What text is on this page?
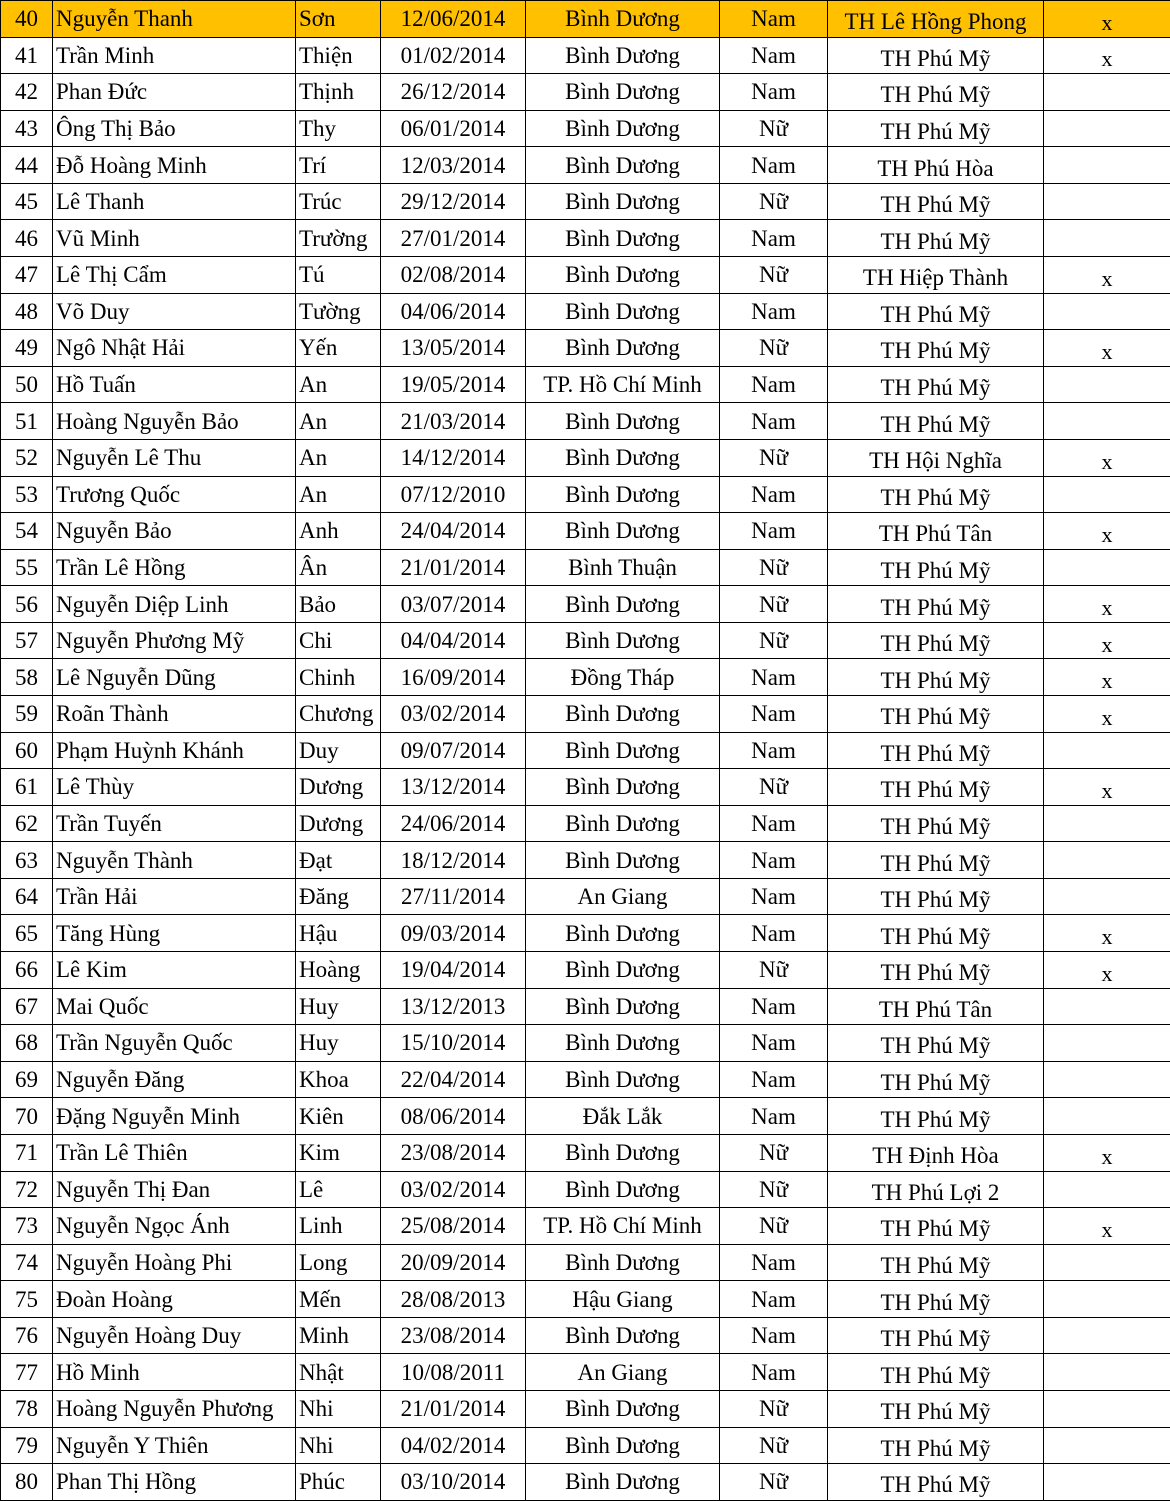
40	Nguyễn Thanh	Sơn	12/06/2014	Bình Dương	Nam	TH Lê Hồng Phong	x
41	Trần Minh	Thiện	01/02/2014	Bình Dương	Nam	TH Phú Mỹ	x
42	Phan Đức	Thịnh	26/12/2014	Bình Dương	Nam	TH Phú Mỹ	
43	Ông Thị Bảo	Thy	06/01/2014	Bình Dương	Nữ	TH Phú Mỹ	
44	Đỗ Hoàng Minh	Trí	12/03/2014	Bình Dương	Nam	TH Phú Hòa	
45	Lê Thanh	Trúc	29/12/2014	Bình Dương	Nữ	TH Phú Mỹ	
46	Vũ Minh	Trường	27/01/2014	Bình Dương	Nam	TH Phú Mỹ	
47	Lê Thị Cẩm	Tú	02/08/2014	Bình Dương	Nữ	TH Hiệp Thành	x
48	Võ Duy	Tường	04/06/2014	Bình Dương	Nam	TH Phú Mỹ	
49	Ngô Nhật Hải	Yến	13/05/2014	Bình Dương	Nữ	TH Phú Mỹ	x
50	Hồ Tuấn	An	19/05/2014	TP. Hồ Chí Minh	Nam	TH Phú Mỹ	
51	Hoàng Nguyễn Bảo	An	21/03/2014	Bình Dương	Nam	TH Phú Mỹ	
52	Nguyễn Lê Thu	An	14/12/2014	Bình Dương	Nữ	TH Hội Nghĩa	x
53	Trương Quốc	An	07/12/2010	Bình Dương	Nam	TH Phú Mỹ	
54	Nguyễn Bảo	Anh	24/04/2014	Bình Dương	Nam	TH Phú Tân	x
55	Trần Lê Hồng	Ân	21/01/2014	Bình Thuận	Nữ	TH Phú Mỹ	
56	Nguyễn Diệp Linh	Bảo	03/07/2014	Bình Dương	Nữ	TH Phú Mỹ	x
57	Nguyễn Phương Mỹ	Chi	04/04/2014	Bình Dương	Nữ	TH Phú Mỹ	x
58	Lê Nguyễn Dũng	Chinh	16/09/2014	Đồng Tháp	Nam	TH Phú Mỹ	x
59	Roãn Thành	Chương	03/02/2014	Bình Dương	Nam	TH Phú Mỹ	x
60	Phạm Huỳnh Khánh	Duy	09/07/2014	Bình Dương	Nam	TH Phú Mỹ	
61	Lê Thùy	Dương	13/12/2014	Bình Dương	Nữ	TH Phú Mỹ	x
62	Trần Tuyến	Dương	24/06/2014	Bình Dương	Nam	TH Phú Mỹ	
63	Nguyễn Thành	Đạt	18/12/2014	Bình Dương	Nam	TH Phú Mỹ	
64	Trần Hải	Đăng	27/11/2014	An Giang	Nam	TH Phú Mỹ	
65	Tăng Hùng	Hậu	09/03/2014	Bình Dương	Nam	TH Phú Mỹ	x
66	Lê Kim	Hoàng	19/04/2014	Bình Dương	Nữ	TH Phú Mỹ	x
67	Mai Quốc	Huy	13/12/2013	Bình Dương	Nam	TH Phú Tân	
68	Trần Nguyễn Quốc	Huy	15/10/2014	Bình Dương	Nam	TH Phú Mỹ	
69	Nguyễn Đăng	Khoa	22/04/2014	Bình Dương	Nam	TH Phú Mỹ	
70	Đặng Nguyễn Minh	Kiên	08/06/2014	Đắk Lắk	Nam	TH Phú Mỹ	
71	Trần Lê Thiên	Kim	23/08/2014	Bình Dương	Nữ	TH Định Hòa	x
72	Nguyễn Thị Đan	Lê	03/02/2014	Bình Dương	Nữ	TH Phú Lợi 2	
73	Nguyễn Ngọc Ánh	Linh	25/08/2014	TP. Hồ Chí Minh	Nữ	TH Phú Mỹ	x
74	Nguyễn Hoàng Phi	Long	20/09/2014	Bình Dương	Nam	TH Phú Mỹ	
75	Đoàn Hoàng	Mến	28/08/2013	Hậu Giang	Nam	TH Phú Mỹ	
76	Nguyễn Hoàng Duy	Minh	23/08/2014	Bình Dương	Nam	TH Phú Mỹ	
77	Hồ Minh	Nhật	10/08/2011	An Giang	Nam	TH Phú Mỹ	
78	Hoàng Nguyễn Phương	Nhi	21/01/2014	Bình Dương	Nữ	TH Phú Mỹ	
79	Nguyễn Y Thiên	Nhi	04/02/2014	Bình Dương	Nữ	TH Phú Mỹ	
80	Phan Thị Hồng	Phúc	03/10/2014	Bình Dương	Nữ	TH Phú Mỹ	
